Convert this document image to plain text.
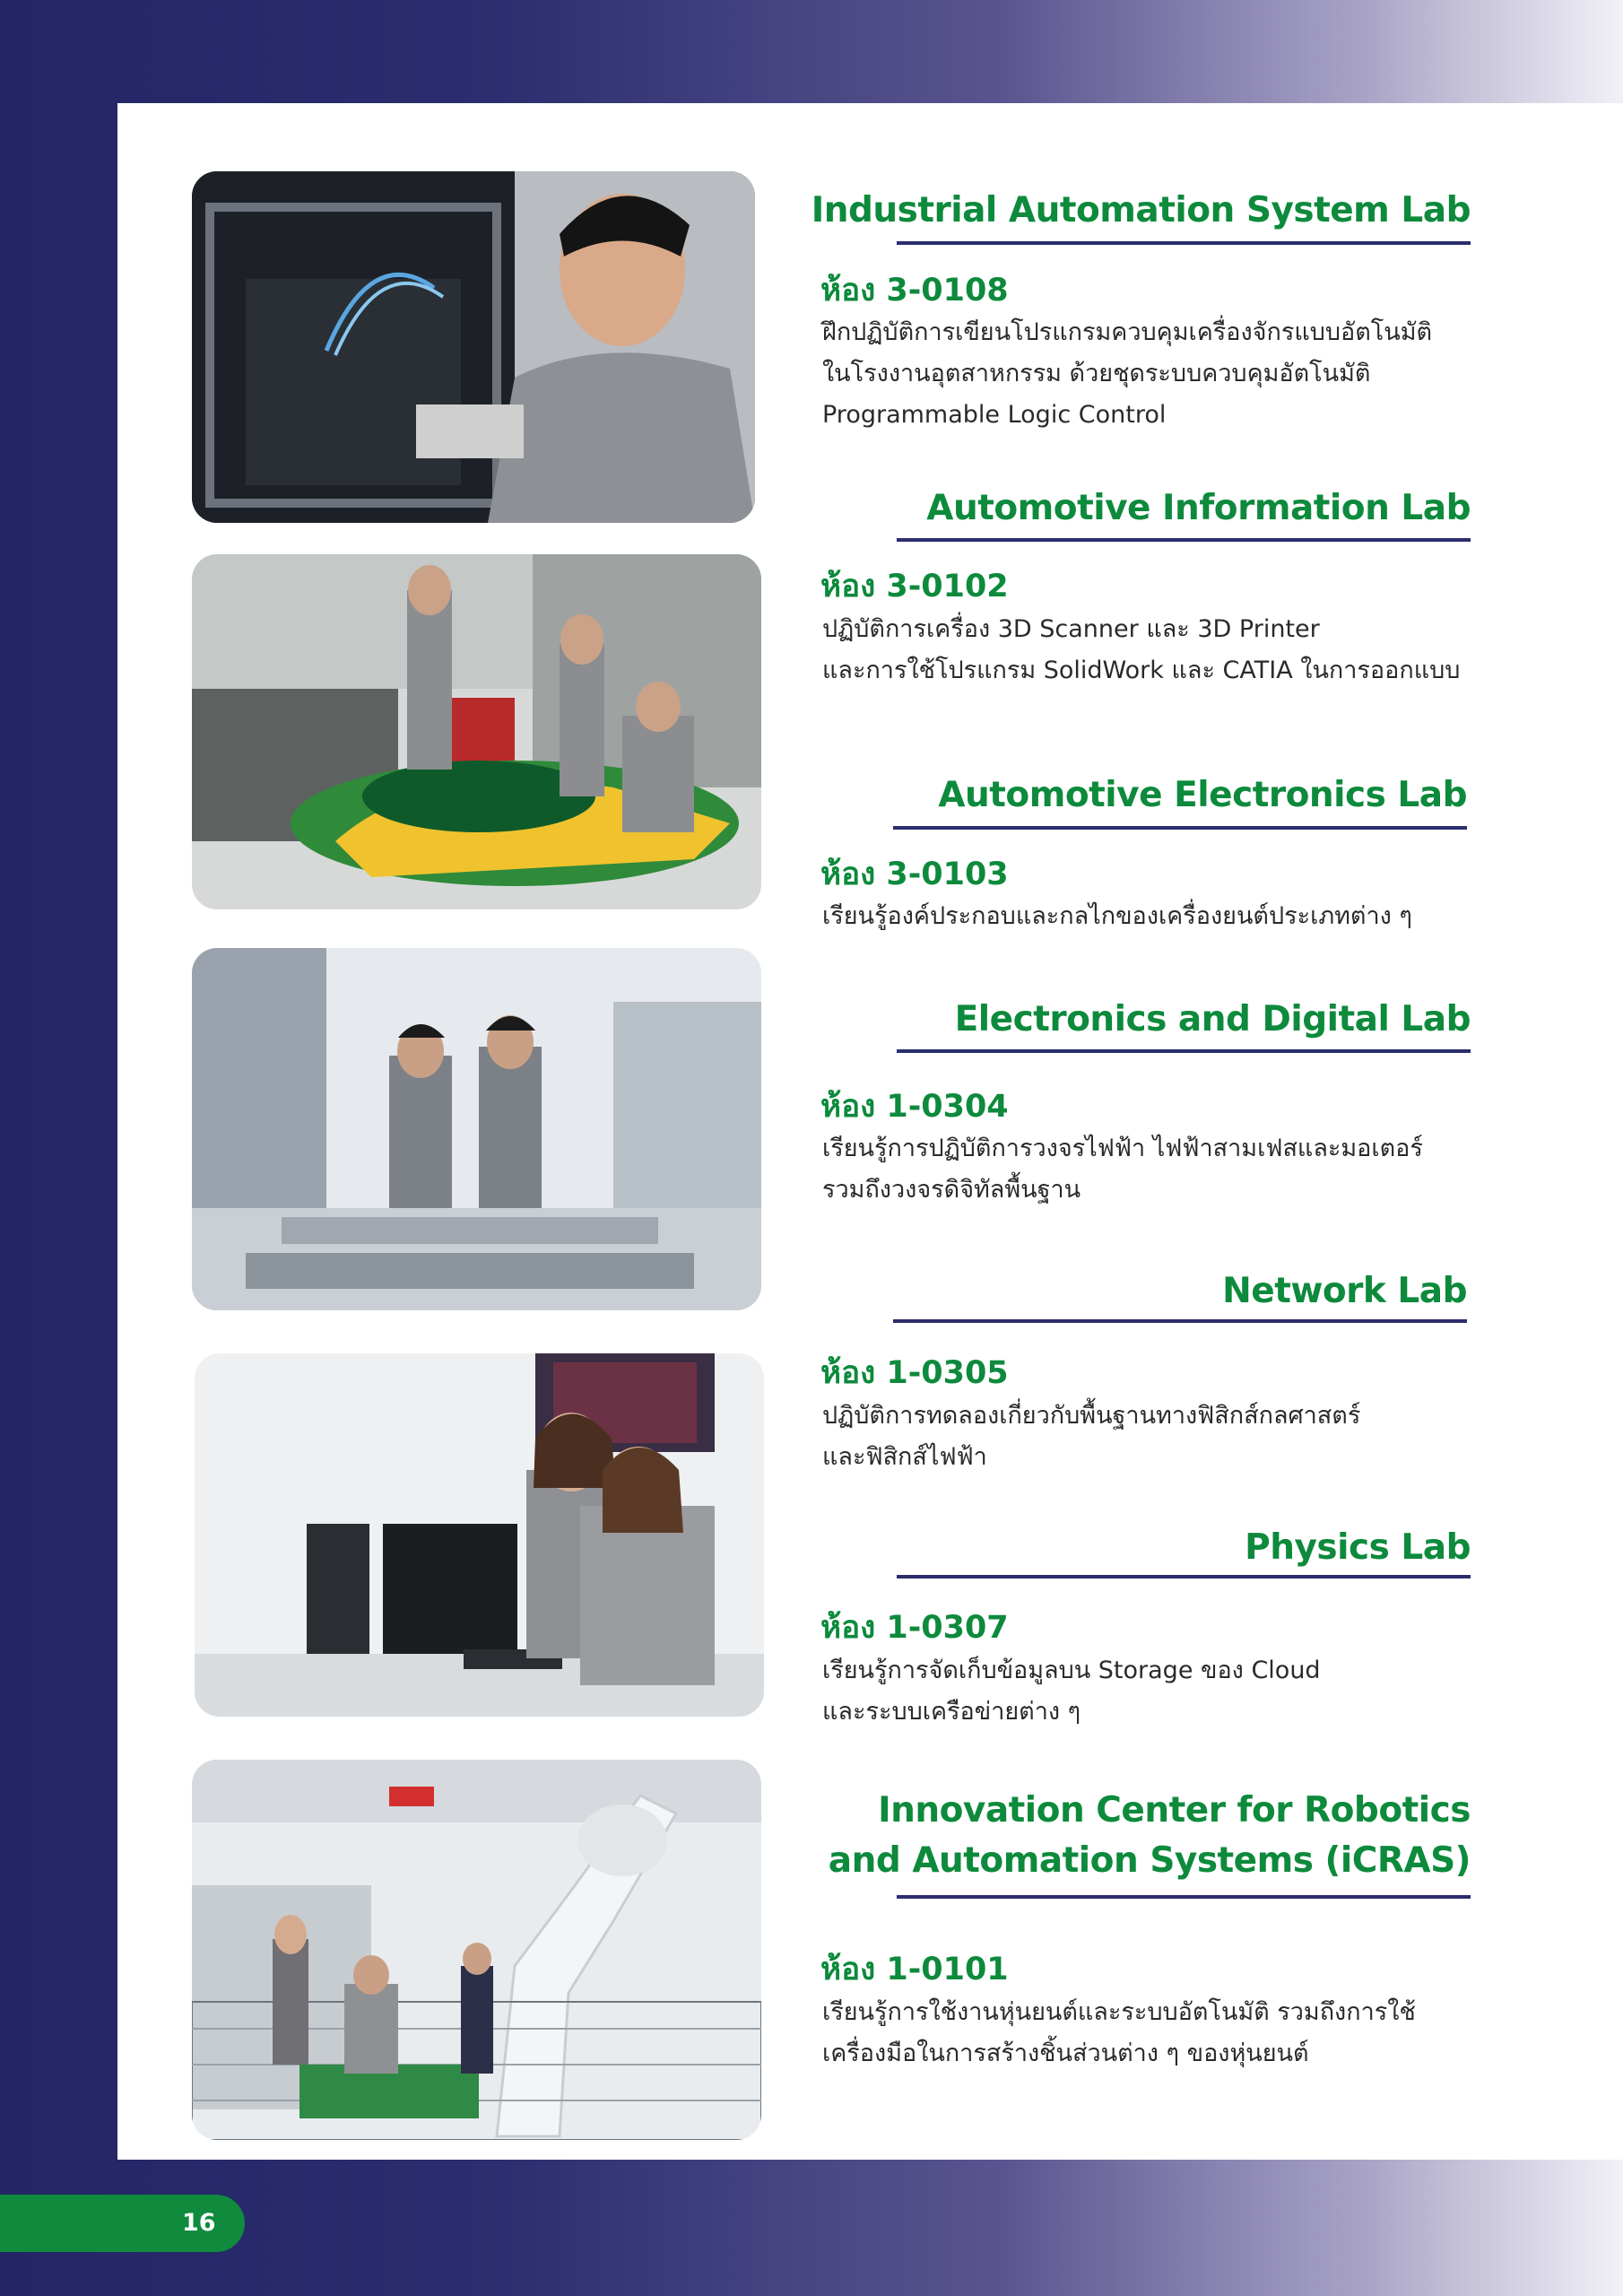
Industrial Automation System Lab
ห้อง 3-0108
ฝึกปฏิบัติการเขียนโปรแกรมควบคุมเครื่องจักรแบบอัตโนมัติ
ในโรงงานอุตสาหกรรม ด้วยชุดระบบควบคุมอัตโนมัติ
Programmable Logic Control
Automotive Information Lab
ห้อง 3-0102
ปฏิบัติการเครื่อง 3D Scanner และ 3D Printer
และการใช้โปรแกรม SolidWork และ CATIA ในการออกแบบ
Automotive Electronics Lab
ห้อง 3-0103
เรียนรู้องค์ประกอบและกลไกของเครื่องยนต์ประเภทต่าง ๆ
Electronics and Digital Lab
ห้อง 1-0304
เรียนรู้การปฏิบัติการวงจรไฟฟ้า ไฟฟ้าสามเฟสและมอเตอร์
รวมถึงวงจรดิจิทัลพื้นฐาน
Network Lab
ห้อง 1-0305
ปฏิบัติการทดลองเกี่ยวกับพื้นฐานทางฟิสิกส์กลศาสตร์
และฟิสิกส์ไฟฟ้า
Physics Lab
ห้อง 1-0307
เรียนรู้การจัดเก็บข้อมูลบน Storage ของ Cloud
และระบบเครือข่ายต่าง ๆ
Innovation Center for Robotics
and Automation Systems (iCRAS)
ห้อง 1-0101
เรียนรู้การใช้งานหุ่นยนต์และระบบอัตโนมัติ รวมถึงการใช้
เครื่องมือในการสร้างชิ้นส่วนต่าง ๆ ของหุ่นยนต์
16
